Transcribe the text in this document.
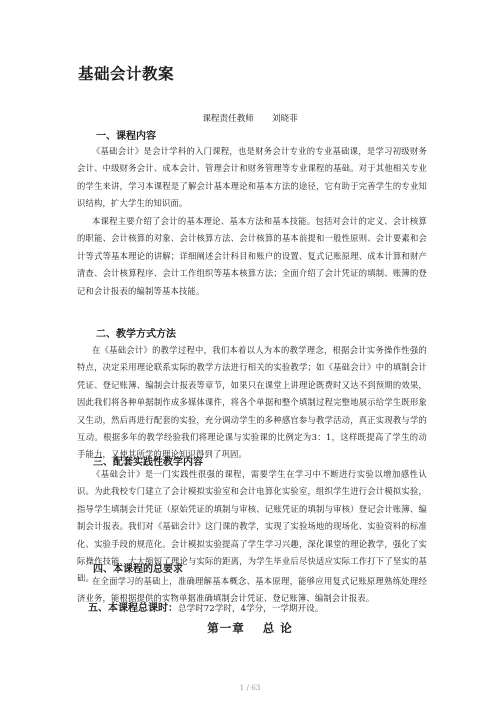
基础会计教案
课程责任教师 刘晓菲
一、课程内容
《基础会计》是会计学科的入门课程，也是财务会计专业的专业基础课，是学习初级财务会计、中级财务会计、成本会计、管理会计和财务管理等专业课程的基础。对于其他相关专业的学生来讲，学习本课程是了解会计基本理论和基本方法的途径，它有助于完善学生的专业知识结构，扩大学生的知识面。
本课程主要介绍了会计的基本理论、基本方法和基本技能。包括对会计的定义、会计核算的职能、会计核算的对象、会计核算方法、会计核算的基本前提和一般性原则、会计要素和会计等式等基本理论的讲解；详细阐述会计科目和账户的设置、复式记账原理、成本计算和财产清查、会计核算程序、会计工作组织等基本核算方法；全面介绍了会计凭证的填制、账簿的登记和会计报表的编制等基本技能。
二、教学方式方法
在《基础会计》的教学过程中，我们本着以人为本的教学理念，根据会计实务操作性强的特点，决定采用理论联系实际的教学方法进行相关的实验教学；如《基础会计》中的填制会计凭证、登记账簿、编制会计报表等章节，如果只在课堂上讲理论既费时又达不到预期的效果，因此我们将各种单据制作成多媒体课件，将各个单据和整个填制过程完整地展示给学生既形象又生动，然后再进行配套的实验，充分调动学生的多种感官参与教学活动，真正实现教与学的互动。根据多年的教学经验我们将理论课与实验课的比例定为3：1，这样既提高了学生的动手能力，又使其所学的理论知识得到了巩固。
三、配套实践性教学内容
《基础会计》是一门实践性很强的课程，需要学生在学习中不断进行实验以增加感性认识。为此我校专门建立了会计模拟实验室和会计电算化实验室，组织学生进行会计模拟实验，指导学生填制会计凭证（原始凭证的填制与审核、记账凭证的填制与审核）登记会计账簿、编制会计报表。我们对《基础会计》这门课的教学，实现了实验场地的现场化、实验资料的标准化、实验手段的规范化。会计模拟实验提高了学生学习兴趣，深化课堂的理论教学，强化了实际操作技能，大大缩短了理论与实际的距离，为学生毕业后尽快适应实际工作打下了坚实的基础。
四、本课程的总要求
在全面学习的基础上，准确理解基本概念、基本原理，能够应用复式记账原理熟练处理经济业务，能根据提供的实物单据准确填制会计凭证、登记账簿、编制会计报表。
五、本课程总课时：总学时72学时，4学分，一学期开设。
第一章 总 论
1 / 63
